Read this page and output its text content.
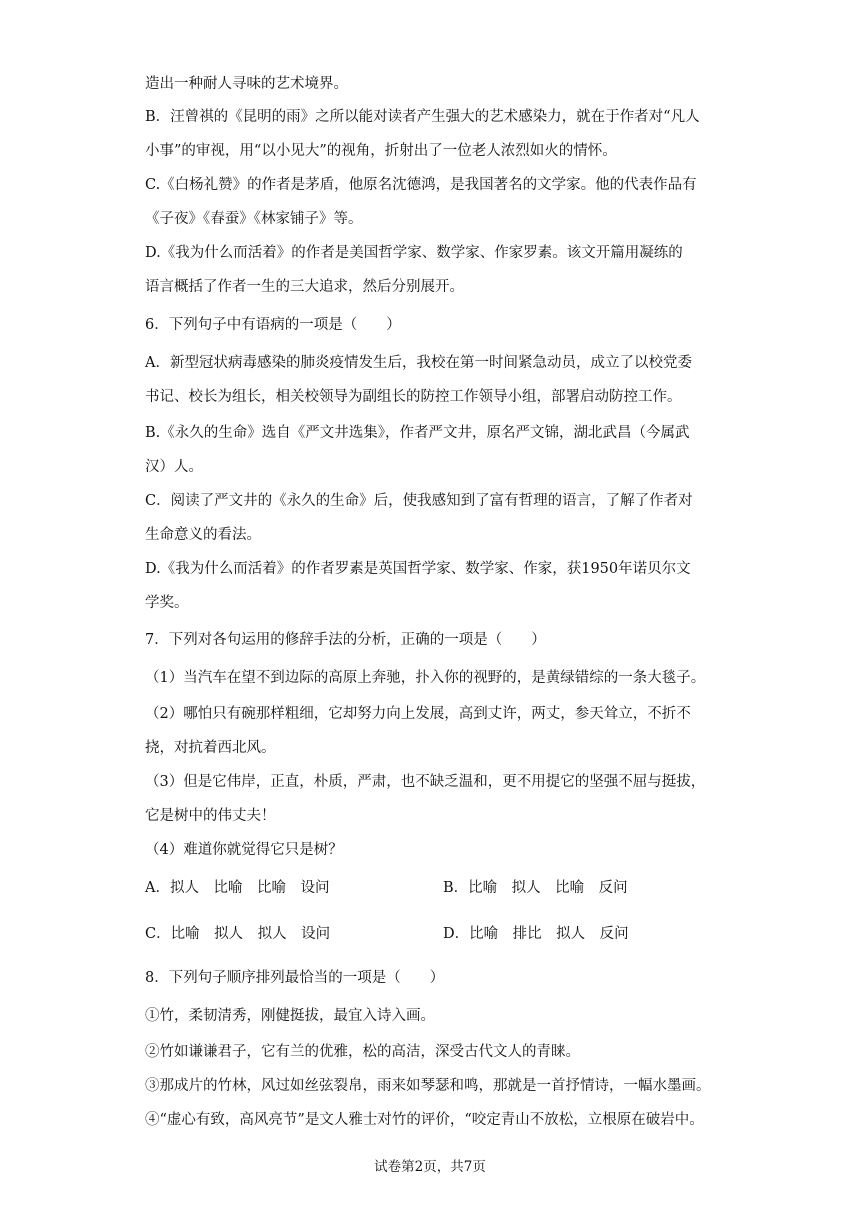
造出一种耐人寻味的艺术境界。
B．汪曾祺的《昆明的雨》之所以能对读者产生强大的艺术感染力，就在于作者对“凡人
小事”的审视，用“以小见大”的视角，折射出了一位老人浓烈如火的情怀。
C.《白杨礼赞》的作者是茅盾，他原名沈德鸿，是我国著名的文学家。他的代表作品有
《子夜》《春蚕》《林家铺子》等。
D.《我为什么而活着》的作者是美国哲学家、数学家、作家罗素。该文开篇用凝练的
语言概括了作者一生的三大追求，然后分别展开。
6．下列句子中有语病的一项是（　　）
A．新型冠状病毒感染的肺炎疫情发生后，我校在第一时间紧急动员，成立了以校党委
书记、校长为组长，相关校领导为副组长的防控工作领导小组，部署启动防控工作。
B.《永久的生命》选自《严文井选集》，作者严文井，原名严文锦，湖北武昌（今属武
汉）人。
C．阅读了严文井的《永久的生命》后，使我感知到了富有哲理的语言，了解了作者对
生命意义的看法。
D.《我为什么而活着》的作者罗素是英国哲学家、数学家、作家，获1950年诺贝尔文
学奖。
7．下列对各句运用的修辞手法的分析，正确的一项是（　　）
（1）当汽车在望不到边际的高原上奔驰，扑入你的视野的，是黄绿错综的一条大毯子。
（2）哪怕只有碗那样粗细，它却努力向上发展，高到丈许，两丈，参天耸立，不折不
挠，对抗着西北风。
（3）但是它伟岸，正直，朴质，严肃，也不缺乏温和，更不用提它的坚强不屈与挺拔，
它是树中的伟丈夫！
（4）难道你就觉得它只是树？
A．拟人　比喻　比喻　设问	B．比喻　拟人　比喻　反问
C．比喻　拟人　拟人　设问	D．比喻　排比　拟人　反问
8．下列句子顺序排列最恰当的一项是（　　）
①竹，柔韧清秀，刚健挺拔，最宜入诗入画。
②竹如谦谦君子，它有兰的优雅，松的高洁，深受古代文人的青睐。
③那成片的竹林，风过如丝弦裂帛，雨来如琴瑟和鸣，那就是一首抒情诗，一幅水墨画。
④“虚心有致，高风亮节”是文人雅士对竹的评价，“咬定青山不放松，立根原在破岩中。
试卷第2页，共7页
